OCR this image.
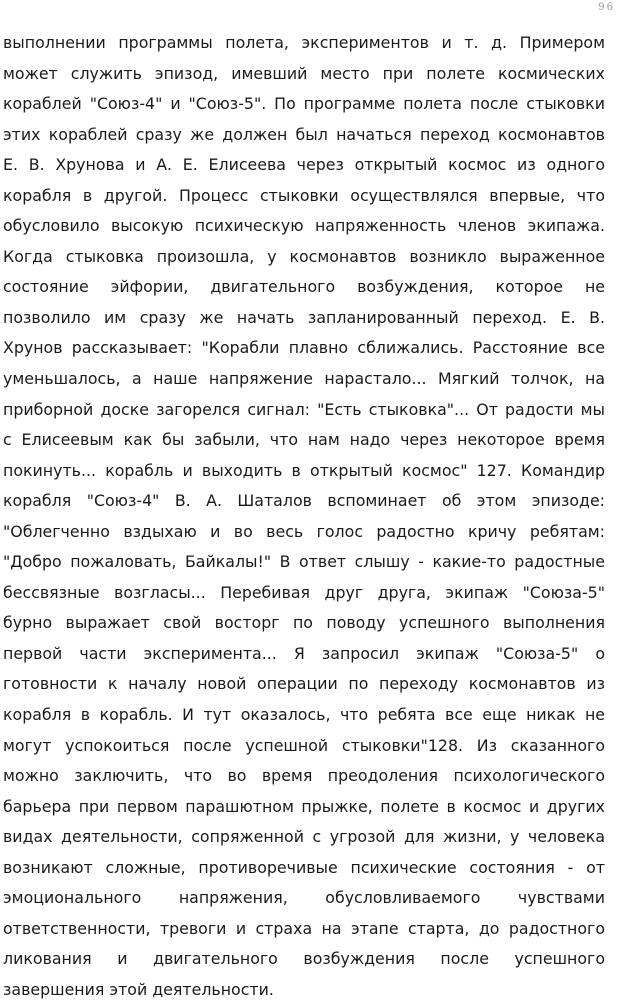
96
выполнении программы полета, экспериментов и т. д. Примером
может служить эпизод, имевший место при полете космических
кораблей "Союз-4" и "Союз-5". По программе полета после стыковки
этих кораблей сразу же должен был начаться переход космонавтов
Е. В. Хрунова и А. Е. Елисеева через открытый космос из одного
корабля в другой. Процесс стыковки осуществлялся впервые, что
обусловило высокую психическую напряженность членов экипажа.
Когда стыковка произошла, у космонавтов возникло выраженное
состояние эйфории, двигательного возбуждения, которое не
позволило им сразу же начать запланированный переход. Е. В.
Хрунов рассказывает: "Корабли плавно сближались. Расстояние все
уменьшалось, а наше напряжение нарастало... Мягкий толчок, на
приборной доске загорелся сигнал: "Есть стыковка"... От радости мы
с Елисеевым как бы забыли, что нам надо через некоторое время
покинуть... корабль и выходить в открытый космос" 127. Командир
корабля "Союз-4" В. А. Шаталов вспоминает об этом эпизоде:
"Облегченно вздыхаю и во весь голос радостно кричу ребятам:
"Добро пожаловать, Байкалы!" В ответ слышу - какие-то радостные
бессвязные возгласы... Перебивая друг друга, экипаж "Союза-5"
бурно выражает свой восторг по поводу успешного выполнения
первой части эксперимента... Я запросил экипаж "Союза-5" о
готовности к началу новой операции по переходу космонавтов из
корабля в корабль. И тут оказалось, что ребята все еще никак не
могут успокоиться после успешной стыковки"128. Из сказанного
можно заключить, что во время преодоления психологического
барьера при первом парашютном прыжке, полете в космос и других
видах деятельности, сопряженной с угрозой для жизни, у человека
возникают сложные, противоречивые психические состояния - от
эмоционального напряжения, обусловливаемого чувствами
ответственности, тревоги и страха на этапе старта, до радостного
ликования и двигательного возбуждения после успешного
завершения этой деятельности.
